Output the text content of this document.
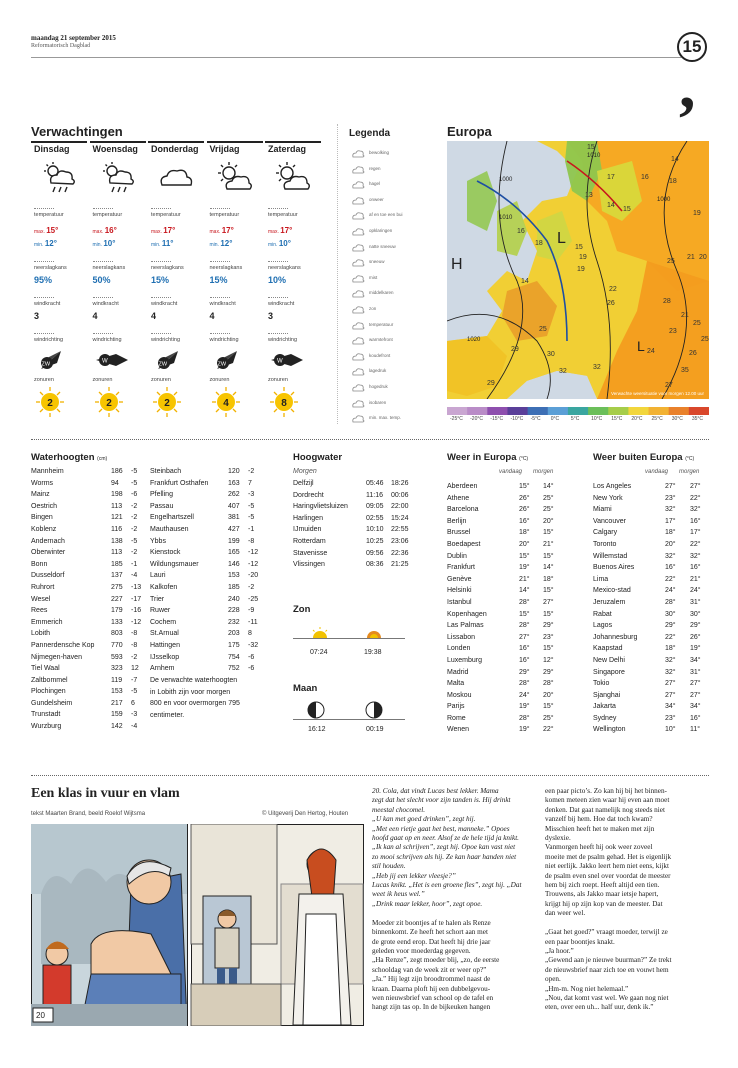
maandag 21 september 2015
Reformatorisch Dagblad	15
,
Verwachtingen
Dinsdag
temperatuur
max. 15°
min. 12°
neerslagkans
95%
windkracht
3
windrichting
ZW
zonuren
2
Woensdag
temperatuur
max. 16°
min. 10°
neerslagkans
50%
windkracht
4
windrichting
W
zonuren
2
Donderdag
temperatuur
max. 17°
min. 11°
neerslagkans
15%
windkracht
4
windrichting
ZW
zonuren
2
Vrijdag
temperatuur
max. 17°
min. 12°
neerslagkans
15%
windkracht
4
windrichting
ZW
zonuren
4
Zaterdag
temperatuur
max. 17°
min. 10°
neerslagkans
10%
windkracht
3
windrichting
W
zonuren
8
Legenda
bewolking
regen
hagel
onweer
af en toe een bui
opklaringen
natte sneeuw
sneeuw
mist
middelkaren
zon
temperatuur
warmtefront
koudefront
lagedruk
hogedruk
isobaren
min. max. temp.
Europa
H
L
L
1000
1010
1020
1010
1000
15
14
17	16
18
13
14
15
19
16
18
15
20
19	21
25
14
19
22
26	28
21
25
23
29
30
32
32
29
25
35
27
24	26
25
Verwachte weersituatie voor morgen 12.00 uur
-25°C -20°C -15°C -10°C -5°C 0°C 5°C 10°C 15°C 20°C 25°C 30°C 35°C
Waterhoogten (cm)
Mannheim	186 -5
Worms	94 -5
Mainz	198 -6
Oestrich	113 -2
Bingen	121 -2
Koblenz	116 -2
Andernach	138 -5
Oberwinter	113 -2
Bonn	185 -1
Dusseldorf	137 -4
Ruhrort	275 -13
Wesel	227 -17
Rees	179 -16
Emmerich	133 -12
Lobith	803 -8
Pannerdensche Kop 770 -8
Nijmegen-haven	593 -2
Tiel Waal	323 12
Zaltbommel	119 -7
Plochingen	153 -5
Gundelsheim	217 6
Trunstadt	159 -3
Wurzburg	142 -4
Steinbach	120 -2
Frankfurt Osthafen	163 7
Pfelling	262 -3
Passau	407 -5
Engelhartszell	381 -5
Mauthausen	427 -1
Ybbs	199 -8
Kienstock	165 -12
Wildungsmauer	146 -12
Lauri	153 -20
Kalkofen	185 -2
Trier	240 -25
Ruwer	228 -9
Cochem	232 -11
St.Arnual	203 8
Hattingen	175 -32
IJsselkop	754 -6
Arnhem	752 -6
De verwachte waterhoogten
in Lobith zijn voor morgen
800 en voor overmorgen 795
centimeter.
Hoogwater
Morgen
Delfzijl	05:46 18:26
Dordrecht	11:16 00:06
Haringvlietsluizen	09:05 22:00
Harlingen	02:55 15:24
IJmuiden	10:10 22:55
Rotterdam	10:25 23:06
Stavenisse	09:56 22:36
Vlissingen	08:36 21:25
Zon
07:24	19:38
Maan
16:12	00:19
Weer in Europa (°C)
vandaag morgen
Aberdeen	15° 14°
Athene	26° 25°
Barcelona	26° 25°
Berlijn	16° 20°
Brussel	18° 15°
Boedapest	20° 21°
Dublin	15° 15°
Frankfurt	19° 14°
Genève	21° 18°
Helsinki	14° 15°
Istanbul	28° 27°
Kopenhagen	15° 15°
Las Palmas	28° 29°
Lissabon	27° 23°
Londen	16° 15°
Luxemburg	16° 12°
Madrid	29° 29°
Malta	28° 28°
Moskou	24° 20°
Parijs	19° 15°
Rome	28° 25°
Wenen	19° 22°
Weer buiten Europa (°C)
vandaag morgen
Los Angeles	27° 27°
New York	23° 22°
Miami	32° 32°
Vancouver	17° 16°
Calgary	18° 17°
Toronto	20° 22°
Willemstad	32° 32°
Buenos Aires	16° 16°
Lima	22° 21°
Mexico-stad	24° 24°
Jeruzalem	28° 31°
Rabat	30° 30°
Lagos	29° 29°
Johannesburg	22° 26°
Kaapstad	18° 19°
New Delhi	32° 34°
Singapore	32° 31°
Tokio	27° 27°
Sjanghai	27° 27°
Jakarta	34° 34°
Sydney	23° 16°
Wellington	10° 11°
Een klas in vuur en vlam
tekst Maarten Brand, beeld Roelof Wijtsma	© Uitgeverij Den Hertog, Houten
20

20. Cola, dat vindt Lucas best lekker. Mama

zegt dat het slecht voor zijn tanden is. Hij drinkt

meestal chocomel.

„U kan met goed drinken”, zegt hij.

„Met een rietje gaat het best, manneke.” Opoes

hoofd gaat op en neer. Alsof ze de hele tijd ja knikt.

„Ik kan al schrijven”, zegt hij. Opoe kan vast niet

zo mooi schrijven als hij. Ze kan haar handen niet

stil houden.

„Heb jij een lekker vleesje?”

Lucas knikt. „Het is een groene fles”, zegt hij. „Dat

weet ik heus wel.”

„Drink maar lekker, hoor”, zegt opoe.

Moeder zit boontjes af te halen als Renze

binnenkomt. Ze heeft het schort aan met

de grote eend erop. Dat heeft hij drie jaar

geleden voor moederdag gegeven.

„Ha Renze”, zegt moeder blij, „zo, de eerste

schooldag van de week zit er weer op?”

„Ja.” Hij legt zijn broodtrommel naast de

kraan. Daarna ploft hij een dubbelgevou-

wen nieuwsbrief van school op de tafel en

hangt zijn tas op. In de bijkeuken hangen

een paar picto’s. Zo kan hij bij het binnen-

komen meteen zien waar hij even aan moet

denken. Dat gaat namelijk nog steeds niet

vanzelf bij hem. Hoe dat toch kwam?

Misschien heeft het te maken met zijn

dyslexie.

Vanmorgen heeft hij ook weer zoveel

moeite met de psalm gehad. Het is eigenlijk

niet eerlijk. Jakko leert hem niet eens, kijkt

de psalm even snel over voordat de meester

hem bij zich roept. Heeft altijd een tien.

Trouwens, als Jakko maar ietsje hapert,

krijgt hij op zijn kop van de meester. Dat

dan weer wel.

„Gaat het goed?” vraagt moeder, terwijl ze

een paar boontjes knakt.

„Ja hoor.”

„Gewend aan je nieuwe buurman?” Ze trekt

de nieuwsbrief naar zich toe en vouwt hem

open.

„Hm-m. Nog niet helemaal.”

„Nou, dat komt vast wel. We gaan nog niet

eten, over een uh... half uur, denk ik.”
